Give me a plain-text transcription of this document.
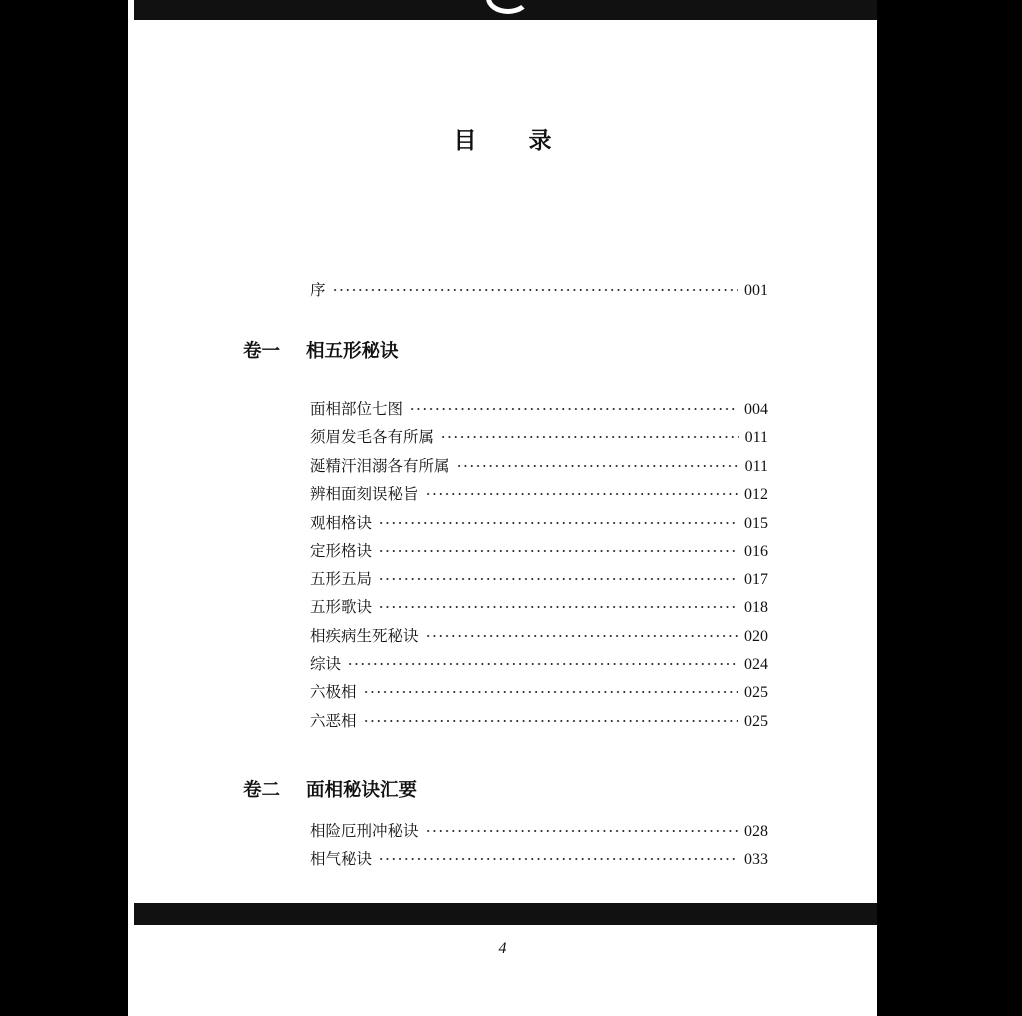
目 录
序	001
卷一	相五形秘诀
面相部位七图	004
须眉发毛各有所属	011
涎精汗泪溺各有所属	011
辨相面刻误秘旨	012
观相格诀	015
定形格诀	016
五形五局	017
五形歌诀	018
相疾病生死秘诀	020
综诀	024
六极相	025
六恶相	025
卷二	面相秘诀汇要
相险厄刑冲秘诀	028
相气秘诀	033
4
